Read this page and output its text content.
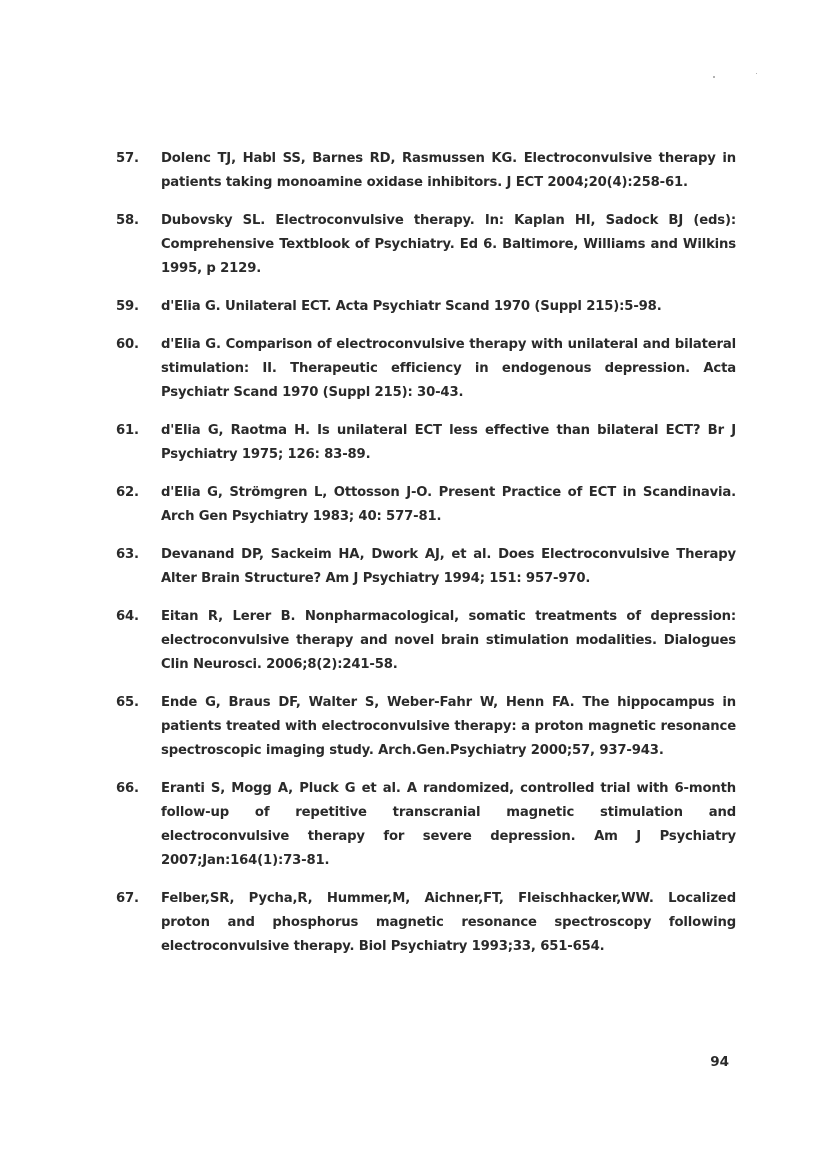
57.	Dolenc TJ, Habl SS, Barnes RD, Rasmussen KG. Electroconvulsive therapy in patients taking monoamine oxidase inhibitors. J ECT 2004;20(4):258-61.
58.	Dubovsky SL. Electroconvulsive therapy. In: Kaplan HI, Sadock BJ (eds): Comprehensive Textblook of Psychiatry. Ed 6. Baltimore, Williams and Wilkins 1995, p 2129.
59.	d'Elia G. Unilateral ECT. Acta Psychiatr Scand 1970 (Suppl 215):5-98.
60.	d'Elia G. Comparison of electroconvulsive therapy with unilateral and bilateral stimulation: II. Therapeutic efficiency in endogenous depression. Acta Psychiatr Scand 1970 (Suppl 215): 30-43.
61.	d'Elia G, Raotma H. Is unilateral ECT less effective than bilateral ECT? Br J Psychiatry 1975; 126: 83-89.
62.	d'Elia G, Strömgren L, Ottosson J-O. Present Practice of ECT in Scandinavia. Arch Gen Psychiatry 1983; 40: 577-81.
63.	Devanand DP, Sackeim HA, Dwork AJ, et al. Does Electroconvulsive Therapy Alter Brain Structure? Am J Psychiatry 1994; 151: 957-970.
64.	Eitan R, Lerer B. Nonpharmacological, somatic treatments of depression: electroconvulsive therapy and novel brain stimulation modalities. Dialogues Clin Neurosci. 2006;8(2):241-58.
65.	Ende G, Braus DF, Walter S, Weber-Fahr W, Henn FA. The hippocampus in patients treated with electroconvulsive therapy: a proton magnetic resonance spectroscopic imaging study. Arch.Gen.Psychiatry 2000;57, 937-943.
66.	Eranti S, Mogg A, Pluck G et al. A randomized, controlled trial with 6-month follow-up of repetitive transcranial magnetic stimulation and electroconvulsive therapy for severe depression. Am J Psychiatry 2007;Jan:164(1):73-81.
67.	Felber,SR, Pycha,R, Hummer,M, Aichner,FT, Fleischhacker,WW. Localized proton and phosphorus magnetic resonance spectroscopy following electroconvulsive therapy. Biol Psychiatry 1993;33, 651-654.
94
